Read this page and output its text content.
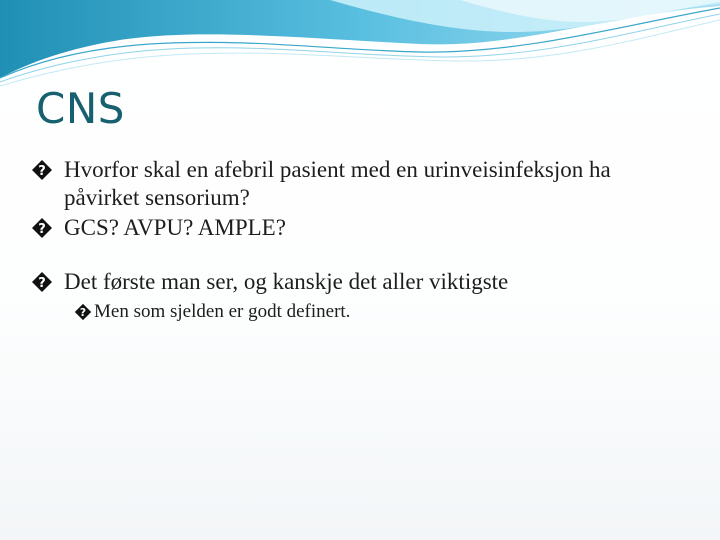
CNS
? Hvorfor skal en afebril pasient med en urinveisinfeksjon ha påvirket sensorium?
? GCS? AVPU? AMPLE?
? Det første man ser, og kanskje det aller viktigste
? Men som sjelden er godt definert.
